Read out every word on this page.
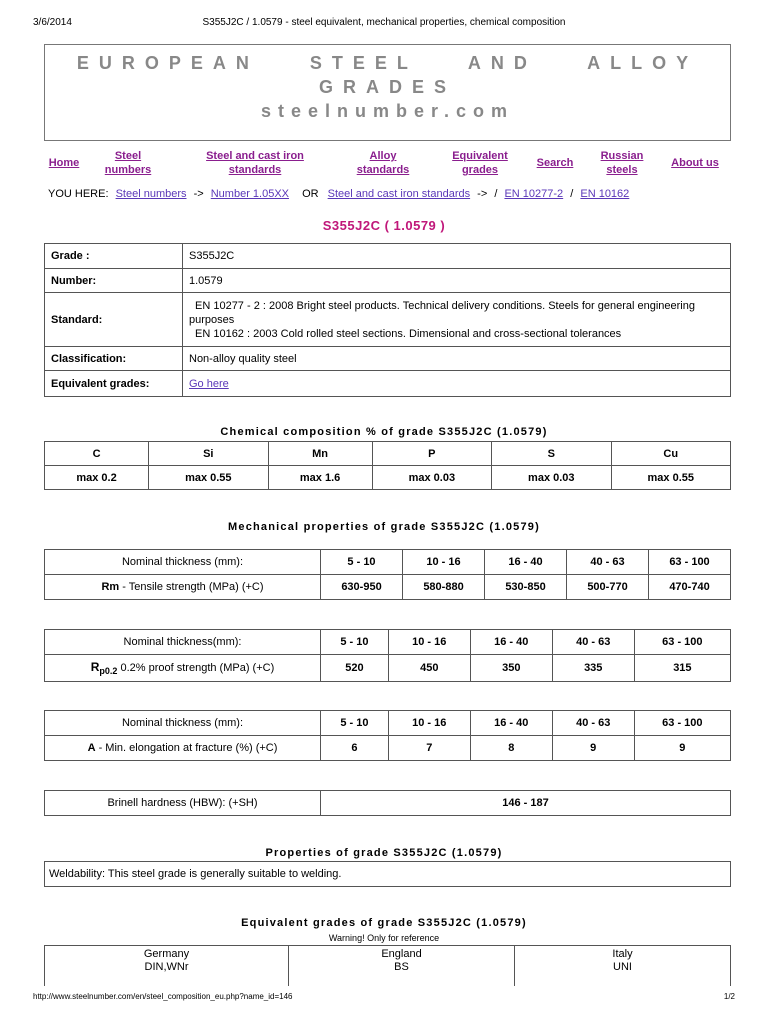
3/6/2014	S355J2C / 1.0579 - steel equivalent, mechanical properties, chemical composition
EUROPEAN STEEL AND ALLOY
GRADES
steelnumber.com
Home
Steel numbers
Steel and cast iron standards
Alloy standards
Equivalent grades
Search
Russian steels
About us
YOU HERE: Steel numbers -> Number 1.05XX OR Steel and cast iron standards -> / EN 10277-2 / EN 10162
S355J2C ( 1.0579 )
Grade :	S355J2C
Number:	1.0579
Standard:	EN 10277 - 2 : 2008 Bright steel products. Technical delivery conditions. Steels for general engineering purposes
EN 10162 : 2003 Cold rolled steel sections. Dimensional and cross-sectional tolerances

Classification:	Non-alloy quality steel
Equivalent grades:	Go here
Chemical composition % of grade S355J2C (1.0579)
C	Si	Mn	P	S	Cu
max 0.2	max 0.55	max 1.6	max 0.03	max 0.03	max 0.55
Mechanical properties of grade S355J2C (1.0579)
Nominal thickness (mm):	5 - 10	10 - 16	16 - 40	40 - 63	63 - 100
Rm - Tensile strength (MPa) (+C)	630-950	580-880	530-850	500-770	470-740
Nominal thickness(mm):	5 - 10	10 - 16	16 - 40	40 - 63	63 - 100
$R_{p0.2}$ 0.2% proof strength (MPa) (+C)	520	450	350	335	315
Nominal thickness (mm):	5 - 10	10 - 16	16 - 40	40 - 63	63 - 100
A - Min. elongation at fracture (%) (+C)	6	7	8	9	9
Brinell hardness (HBW): (+SH)	146 - 187
Properties of grade S355J2C (1.0579)
Weldability: This steel grade is generally suitable to welding.
Equivalent grades of grade S355J2C (1.0579)
Warning! Only for reference
Germany
DIN,WNr

England
BS

Italy
UNI
http://www.steelnumber.com/en/steel_composition_eu.php?name_id=146	1/2
